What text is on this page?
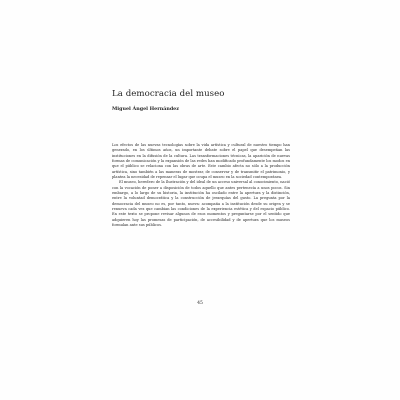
La democracia del museo
Miguel Ángel Hernández

Los efectos de las nuevas tecnologías sobre la vida artística y cultural de nuestro tiempo han generado, en los últimos años, un importante debate sobre el papel que desempeñan las instituciones en la difusión de la cultura. Las transformaciones técnicas, la aparición de nuevas formas de comunicación y la expansión de las redes han modificado profundamente los modos en que el público se relaciona con las obras de arte. Este cambio afecta no sólo a la producción artística, sino también a las maneras de mostrar, de conservar y de transmitir el patrimonio, y plantea la necesidad de repensar el lugar que ocupa el museo en la sociedad contemporánea.

El museo, heredero de la Ilustración y del ideal de un acceso universal al conocimiento, nació con la vocación de poner a disposición de todos aquello que antes pertenecía a unos pocos. Sin embargo, a lo largo de su historia, la institución ha oscilado entre la apertura y la distinción, entre la voluntad democrática y la construcción de jerarquías del gusto. La pregunta por la democracia del museo no es, por tanto, nueva: acompaña a la institución desde su origen y se renueva cada vez que cambian las condiciones de la experiencia estética y del espacio público. En este texto se propone revisar algunos de esos momentos y preguntarse por el sentido que adquieren hoy las promesas de participación, de accesibilidad y de apertura que los museos formulan ante sus públicos.

45
